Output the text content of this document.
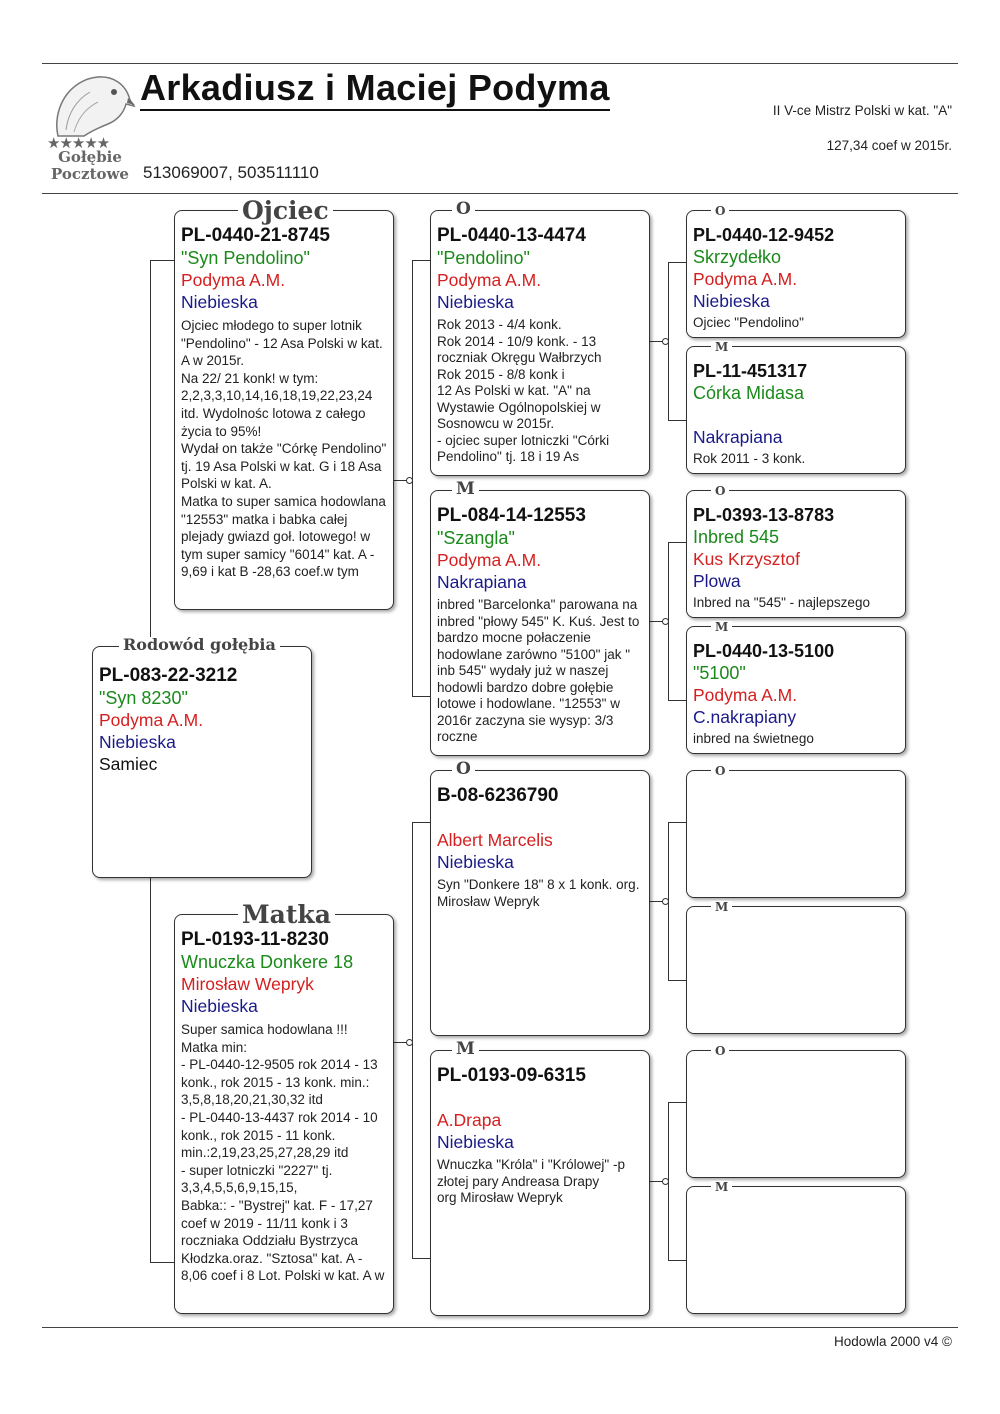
★★★★★
Gołębie
Pocztowe
Arkadiusz i Maciej Podyma
513069007, 503511110
II V-ce Mistrz Polski w kat. "A"
127,34 coef w 2015r.
PL-083-22-3212
"Syn 8230"
Podyma A.M.
Niebieska
Samiec
Rodowód gołębia
PL-0440-21-8745
"Syn Pendolino"
Podyma A.M.
Niebieska
Ojciec młodego to super lotnik "Pendolino" - 12 Asa Polski w kat. A w 2015r.
Na 22/ 21 konk! w tym: 2,2,3,3,10,14,16,18,19,22,23,24 itd. Wydolnośc lotowa z całego życia to 95%!
Wydał on także "Córkę Pendolino" tj. 19 Asa Polski w kat. G i 18 Asa Polski w kat. A.
Matka to super samica hodowlana "12553" matka i babka całej plejady gwiazd goł. lotowego! w tym super samicy "6014" kat. A - 9,69 i kat B -28,63 coef.w tym
Ojciec
PL-0193-11-8230
Wnuczka Donkere 18
Mirosław Wepryk
Niebieska
Super samica hodowlana !!!
Matka min:
- PL-0440-12-9505 rok 2014 - 13 konk., rok 2015 - 13 konk. min.: 3,5,8,18,20,21,30,32 itd
- PL-0440-13-4437 rok 2014 - 10 konk., rok 2015 - 11 konk. min.:2,19,23,25,27,28,29 itd
- super lotniczki "2227" tj. 3,3,4,5,5,6,9,15,15,
Babka:: - "Bystrej" kat. F - 17,27 coef w 2019 - 11/11 konk i 3 roczniaka Oddziału Bystrzyca Kłodzka.oraz. "Sztosa" kat. A - 8,06 coef i 8 Lot. Polski w kat. A w
Matka
PL-0440-13-4474
"Pendolino"
Podyma A.M.
Niebieska
Rok 2013 - 4/4 konk.
Rok 2014 - 10/9 konk. - 13 roczniak Okręgu Wałbrzych
Rok 2015 - 8/8 konk i
12 As Polski w kat. "A" na Wystawie Ogólnopolskiej w Sosnowcu w 2015r.
- ojciec super lotniczki "Córki Pendolino" tj. 18 i 19 As
O
PL-084-14-12553
"Szangla"
Podyma A.M.
Nakrapiana
inbred "Barcelonka" parowana na inbred "płowy 545" K. Kuś. Jest to bardzo mocne połaczenie hodowlane zarówno "5100" jak " inb 545" wydały już w naszej hodowli bardzo dobre gołębie lotowe i hodowlane. "12553" w 2016r zaczyna sie wysyp: 3/3 roczne
M
B-08-6236790
Albert Marcelis
Niebieska
Syn "Donkere 18" 8 x 1 konk. org. Mirosław Wepryk
O
PL-0193-09-6315
A.Drapa
Niebieska
Wnuczka "Króla" i "Królowej" -p
złotej pary Andreasa Drapy
org Mirosław Wepryk
M
PL-0440-12-9452
Skrzydełko
Podyma A.M.
Niebieska
Ojciec "Pendolino"
O
PL-11-451317
Córka Midasa
Nakrapiana
Rok 2011 - 3 konk.
M
PL-0393-13-8783
Inbred 545
Kus Krzysztof
Plowa
Inbred na "545" - najlepszego
O
PL-0440-13-5100
"5100"
Podyma A.M.
C.nakrapiany
inbred na świetnego
M
O
M
O
M
Hodowla 2000 v4 ©
